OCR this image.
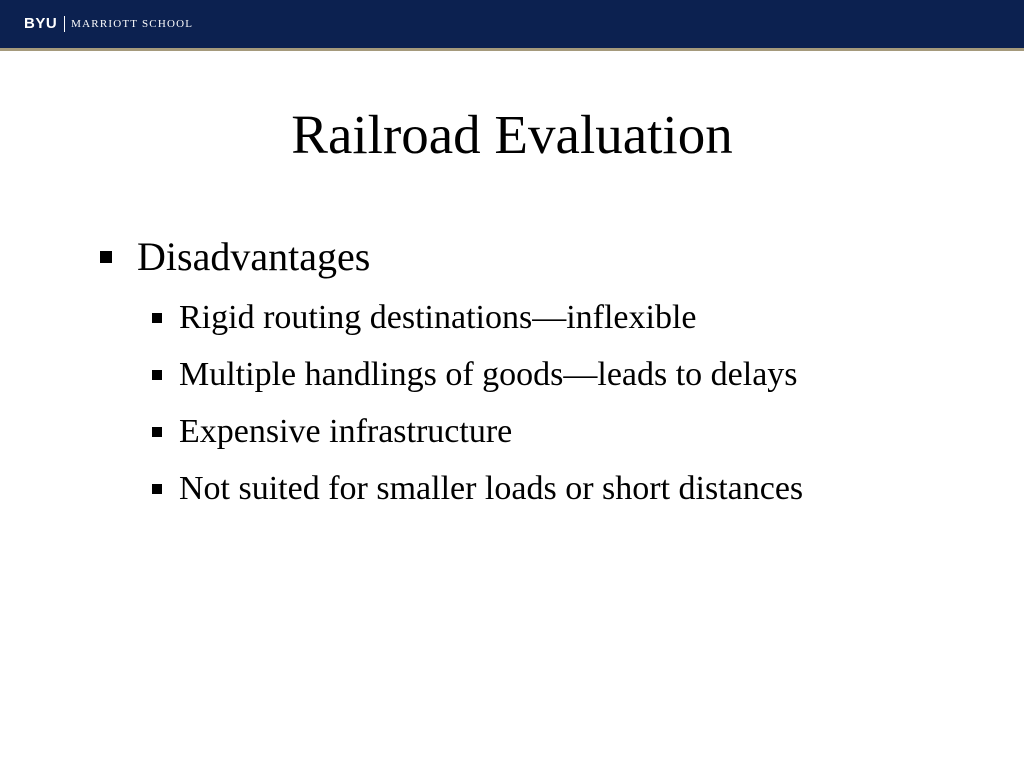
BYU MARRIOTT SCHOOL
Railroad Evaluation
Disadvantages
Rigid routing destinations—inflexible
Multiple handlings of goods—leads to delays
Expensive infrastructure
Not suited for smaller loads or short distances
